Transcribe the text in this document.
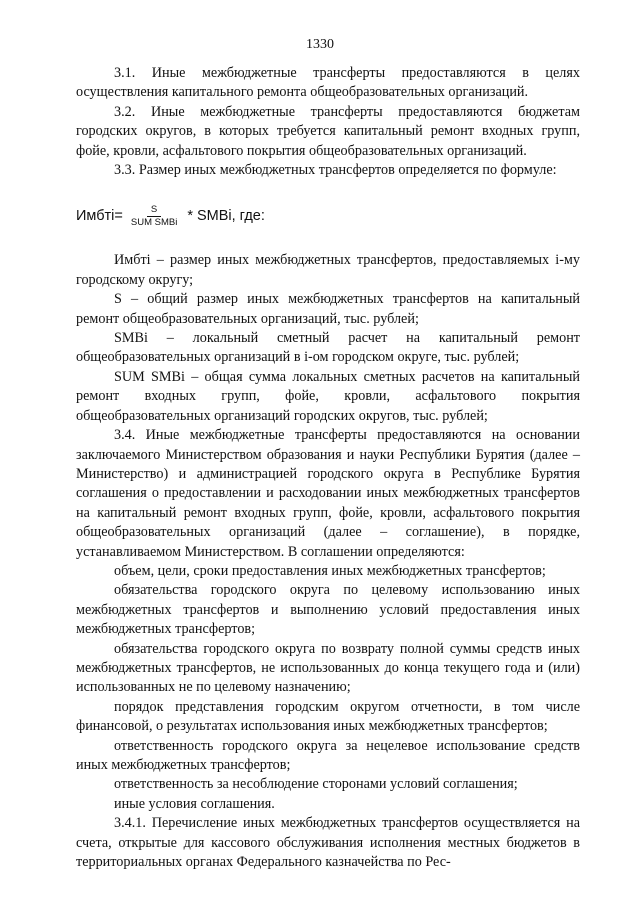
1330

3.1. Иные межбюджетные трансферты предоставляются в целях осуществления капитального ремонта общеобразовательных организаций.

3.2. Иные межбюджетные трансферты предоставляются бюджетам городских округов, в которых требуется капитальный ремонт входных групп, фойе, кровли, асфальтового покрытия общеобразовательных организаций.

3.3. Размер иных межбюджетных трансфертов определяется по формуле:

Имбтi= $\frac{S}{\text{SUM SMBi}}$ * SMBi, где:

Имбтi – размер иных межбюджетных трансфертов, предоставляемых i-му городскому округу;

S – общий размер иных межбюджетных трансфертов на капитальный ремонт общеобразовательных организаций, тыс. рублей;

SMBi – локальный сметный расчет на капитальный ремонт общеобразовательных организаций в i-ом городском округе, тыс. рублей;

SUM SMBi – общая сумма локальных сметных расчетов на капитальный ремонт входных групп, фойе, кровли, асфальтового покрытия общеобразовательных организаций городских округов, тыс. рублей;

3.4. Иные межбюджетные трансферты предоставляются на основании заключаемого Министерством образования и науки Республики Бурятия (далее – Министерство) и администрацией городского округа в Республике Бурятия соглашения о предоставлении и расходовании иных межбюджетных трансфертов на капитальный ремонт входных групп, фойе, кровли, асфальтового покрытия общеобразовательных организаций (далее – соглашение), в порядке, устанавливаемом Министерством. В соглашении определяются:

объем, цели, сроки предоставления иных межбюджетных трансфертов;

обязательства городского округа по целевому использованию иных межбюджетных трансфертов и выполнению условий предоставления иных межбюджетных трансфертов;

обязательства городского округа по возврату полной суммы средств иных межбюджетных трансфертов, не использованных до конца текущего года и (или) использованных не по целевому назначению;

порядок представления городским округом отчетности, в том числе финансовой, о результатах использования иных межбюджетных трансфертов;

ответственность городского округа за нецелевое использование средств иных межбюджетных трансфертов;

ответственность за несоблюдение сторонами условий соглашения;

иные условия соглашения.

3.4.1. Перечисление иных межбюджетных трансфертов осуществляется на счета, открытые для кассового обслуживания исполнения местных бюджетов в территориальных органах Федерального казначейства по Рес-
